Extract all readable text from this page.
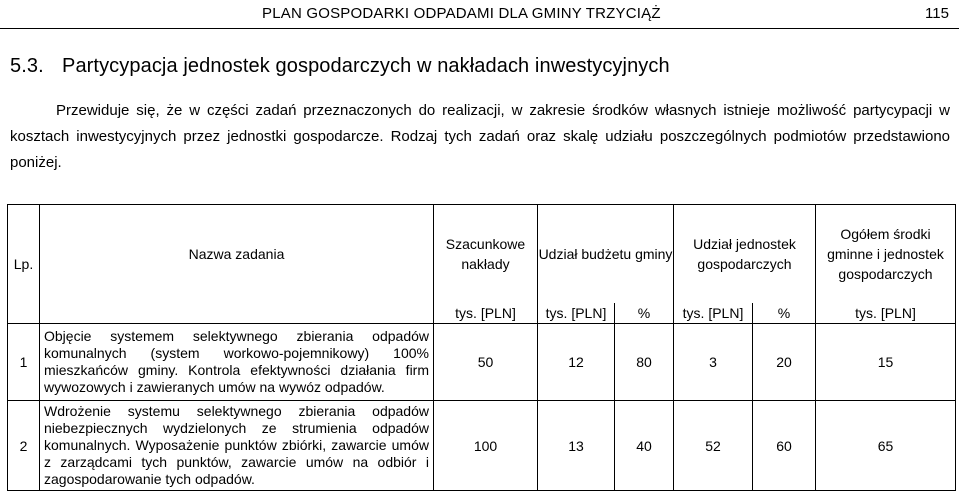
PLAN GOSPODARKI ODPADAMI DLA GMINY TRZYCIĄŻ	115
5.3. Partycypacja jednostek gospodarczych w nakładach inwestycyjnych
Przewiduje się, że w części zadań przeznaczonych do realizacji, w zakresie środków własnych istnieje możliwość partycypacji w kosztach inwestycyjnych przez jednostki gospodarcze. Rodzaj tych zadań oraz skalę udziału poszczególnych podmiotów przedstawiono poniżej.
Lp.	Nazwa zadania	Szacunkowe nakłady	Udział budżetu gminy		Udział jednostek gospodarczych		Ogółem środki gminne i jednostek gospodarczych
		tys. [PLN]	tys. [PLN]	%	tys. [PLN]	%	tys. [PLN]
1	Objęcie systemem selektywnego zbierania odpadów komunalnych (system workowo-pojemnikowy) 100% mieszkańców gminy. Kontrola efektywności działania firm wywozowych i zawieranych umów na wywóz odpadów.	50	12	80	3	20	15
2	Wdrożenie systemu selektywnego zbierania odpadów niebezpiecznych wydzielonych ze strumienia odpadów komunalnych. Wyposażenie punktów zbiórki, zawarcie umów z zarządcami tych punktów, zawarcie umów na odbiór i zagospodarowanie tych odpadów.	100	13	40	52	60	65
